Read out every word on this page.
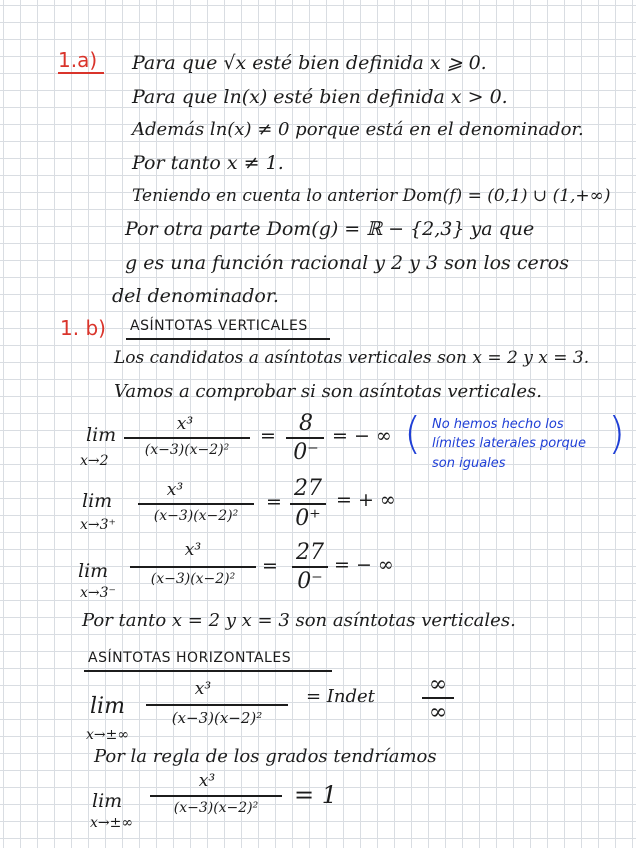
1.a) Para que √x esté bien definida x ⩾ 0.
Para que ln(x) esté bien definida x > 0.
Además ln(x) ≠ 0 porque está en el denominador.
Por tanto x ≠ 1.
Teniendo en cuenta lo anterior Dom(f) = (0,1) ∪ (1,+∞)
Por otra parte Dom(g) = ℝ − {2,3} ya que
g es una función racional y 2 y 3 son los ceros
del denominador.
1. b) ASÍNTOTAS VERTICALES
Los candidatos a asíntotas verticales son x = 2 y x = 3.
Vamos a comprobar si son asíntotas verticales.
lim
x→2
x³
(x−3)(x−2)²
=	8
0⁻
= − ∞ ( No hemos hecho los
límites laterales porque
son iguales
)
lim
x→3⁺
x³
(x−3)(x−2)²
=
27
0⁺
= + ∞
lim
x→3⁻
x³
(x−3)(x−2)²
=
27
0⁻
= − ∞
Por tanto x = 2 y x = 3 son asíntotas verticales.
ASÍNTOTAS HORIZONTALES
lim
x→±∞
x³
(x−3)(x−2)²
= Indet	∞
∞
Por la regla de los grados tendríamos
lim
x→±∞
x³
(x−3)(x−2)²	= 1
